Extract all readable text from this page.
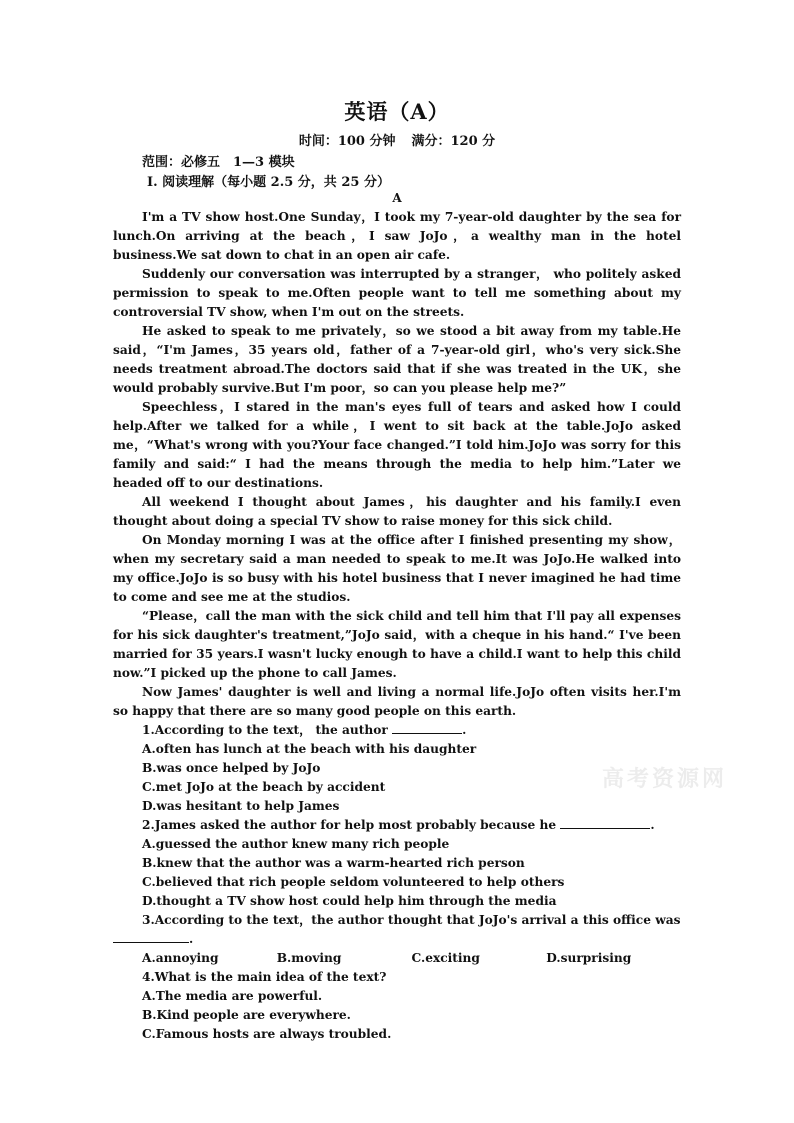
英语（A）
时间：100 分钟 满分：120 分
范围：必修五　1—3 模块
Ⅰ. 阅读理解（每小题 2.5 分，共 25 分）
A

I'm a TV show host.One Sunday，I took my 7-year-old daughter by the sea for lunch.On arriving at the beach，I saw JoJo，a wealthy man in the hotel business.We sat down to chat in an open air cafe.

Suddenly our conversation was interrupted by a stranger， who politely asked permission to speak to me.Often people want to tell me something about my controversial TV show, when I'm out on the streets.

He asked to speak to me privately，so we stood a bit away from my table.He said，“I'm James，35 years old，father of a 7-year-old girl，who's very sick.She needs treatment abroad.The doctors said that if she was treated in the UK，she would probably survive.But I'm poor，so can you please help me?”

Speechless，I stared in the man's eyes full of tears and asked how I could help.After we talked for a while，I went to sit back at the table.JoJo asked me，“What's wrong with you?Your face changed.”I told him.JoJo was sorry for this family and said:“ I had the means through the media to help him.”Later we headed off to our destinations.

All weekend I thought about James，his daughter and his family.I even thought about doing a special TV show to raise money for this sick child.

On Monday morning I was at the office after I finished presenting my show，when my secretary said a man needed to speak to me.It was JoJo.He walked into my office.JoJo is so busy with his hotel business that I never imagined he had time to come and see me at the studios.

“Please，call the man with the sick child and tell him that I'll pay all expenses for his sick daughter's treatment,”JoJo said，with a cheque in his hand.“ I've been married for 35 years.I wasn't lucky enough to have a child.I want to help this child now.”I picked up the phone to call James.

Now James' daughter is well and living a normal life.JoJo often visits her.I'm so happy that there are so many good people on this earth.

1.According to the text， the author	.
A.often has lunch at the beach with his daughter
B.was once helped by JoJo
C.met JoJo at the beach by accident
D.was hesitant to help James
2.James asked the author for help most probably because he	.
A.guessed the author knew many rich people
B.knew that the author was a warm-hearted rich person
C.believed that rich people seldom volunteered to help others
D.thought a TV show host could help him through the media
3.According to the text，the author thought that JoJo's arrival a this office was
.
A.annoying	B.moving	C.exciting	D.surprising
4.What is the main idea of the text?
A.The media are powerful.
B.Kind people are everywhere.
C.Famous hosts are always troubled.
高考资源网
